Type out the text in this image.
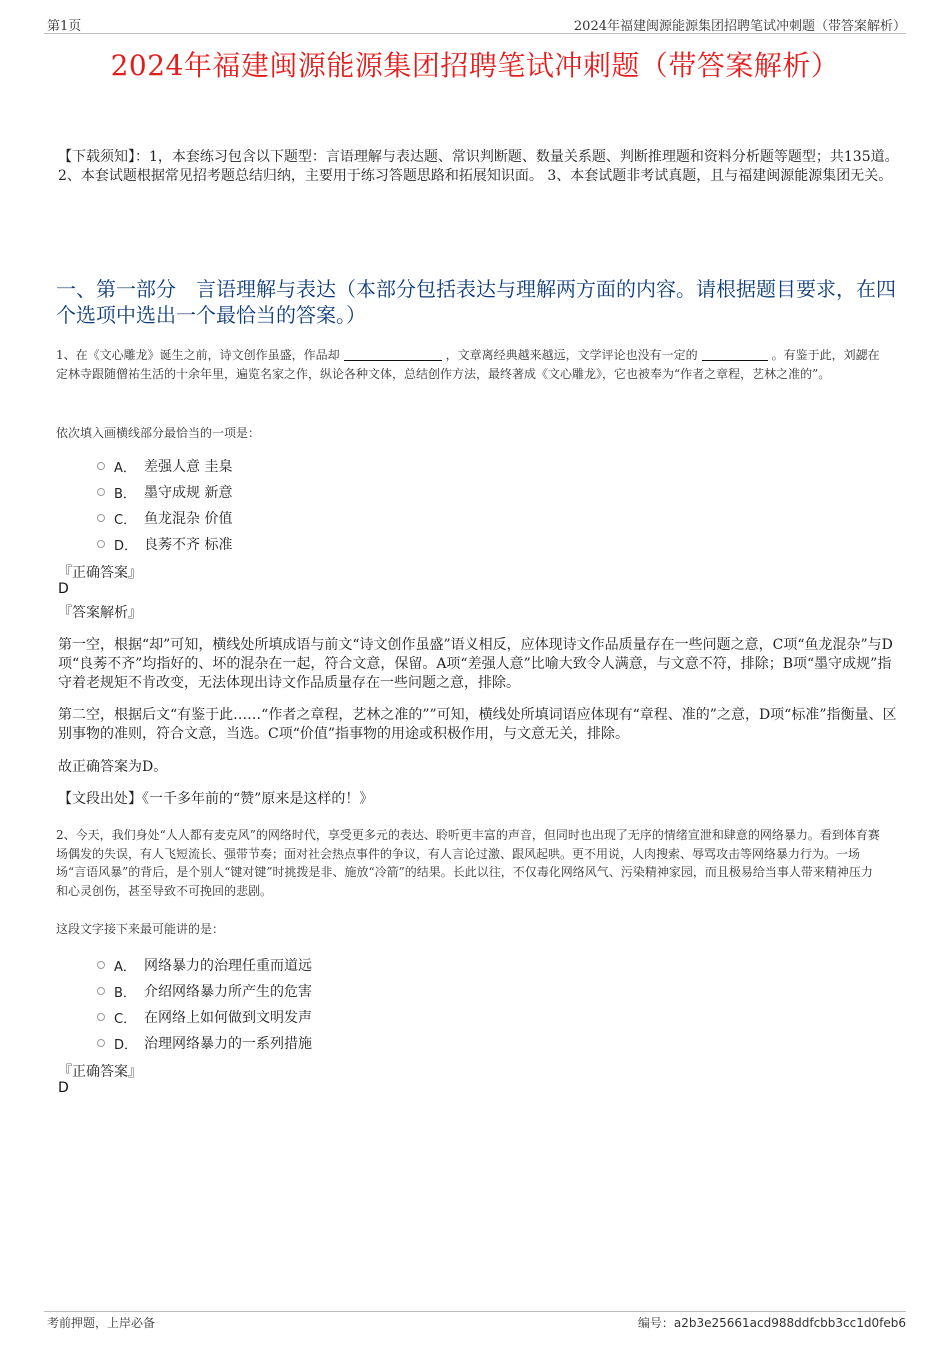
第1页	2024年福建闽源能源集团招聘笔试冲刺题（带答案解析）
2024年福建闽源能源集团招聘笔试冲刺题（带答案解析）
【下载须知】：1，本套练习包含以下题型：言语理解与表达题、常识判断题、数量关系题、判断推理题和资料分析题等题型；共135道。 2、本套试题根据常见招考题总结归纳，主要用于练习答题思路和拓展知识面。 3、本套试题非考试真题，且与福建闽源能源集团无关。
一、第一部分　言语理解与表达（本部分包括表达与理解两方面的内容。请根据题目要求，在四个选项中选出一个最恰当的答案。）
1、在《文心雕龙》诞生之前，诗文创作虽盛，作品却	，文章离经典越来越远，文学评论也没有一定的	。有鉴于此，刘勰在定林寺跟随僧祐生活的十余年里，遍览名家之作，纵论各种文体，总结创作方法，最终著成《文心雕龙》，它也被奉为“作者之章程，艺林之准的”。
依次填入画横线部分最恰当的一项是：
A． 差强人意 圭臬
B． 墨守成规 新意
C． 鱼龙混杂 价值
D． 良莠不齐 标准
『正确答案』
D
『答案解析』
第一空，根据“却”可知，横线处所填成语与前文“诗文创作虽盛”语义相反，应体现诗文作品质量存在一些问题之意，C项“鱼龙混杂”与D项“良莠不齐”均指好的、坏的混杂在一起，符合文意，保留。A项“差强人意”比喻大致令人满意，与文意不符，排除；B项“墨守成规”指守着老规矩不肯改变，无法体现出诗文作品质量存在一些问题之意，排除。
第二空，根据后文“有鉴于此……“作者之章程，艺林之准的””可知，横线处所填词语应体现有“章程、准的”之意，D项“标准”指衡量、区别事物的准则，符合文意，当选。C项“价值”指事物的用途或积极作用，与文意无关，排除。
故正确答案为D。
【文段出处】《一千多年前的“赞”原来是这样的！》
2、今天，我们身处“人人都有麦克风”的网络时代，享受更多元的表达、聆听更丰富的声音，但同时也出现了无序的情绪宣泄和肆意的网络暴力。看到体育赛场偶发的失误，有人飞短流长、强带节奏；面对社会热点事件的争议，有人言论过激、跟风起哄。更不用说，人肉搜索、辱骂攻击等网络暴力行为。一场场“言语风暴”的背后，是个别人“键对键”时挑拨是非、施放“冷箭”的结果。长此以往，不仅毒化网络风气、污染精神家园，而且极易给当事人带来精神压力和心灵创伤，甚至导致不可挽回的悲剧。
这段文字接下来最可能讲的是：
A． 网络暴力的治理任重而道远
B． 介绍网络暴力所产生的危害
C． 在网络上如何做到文明发声
D． 治理网络暴力的一系列措施
『正确答案』
D
考前押题，上岸必备	编号：a2b3e25661acd988ddfcbb3cc1d0feb6
